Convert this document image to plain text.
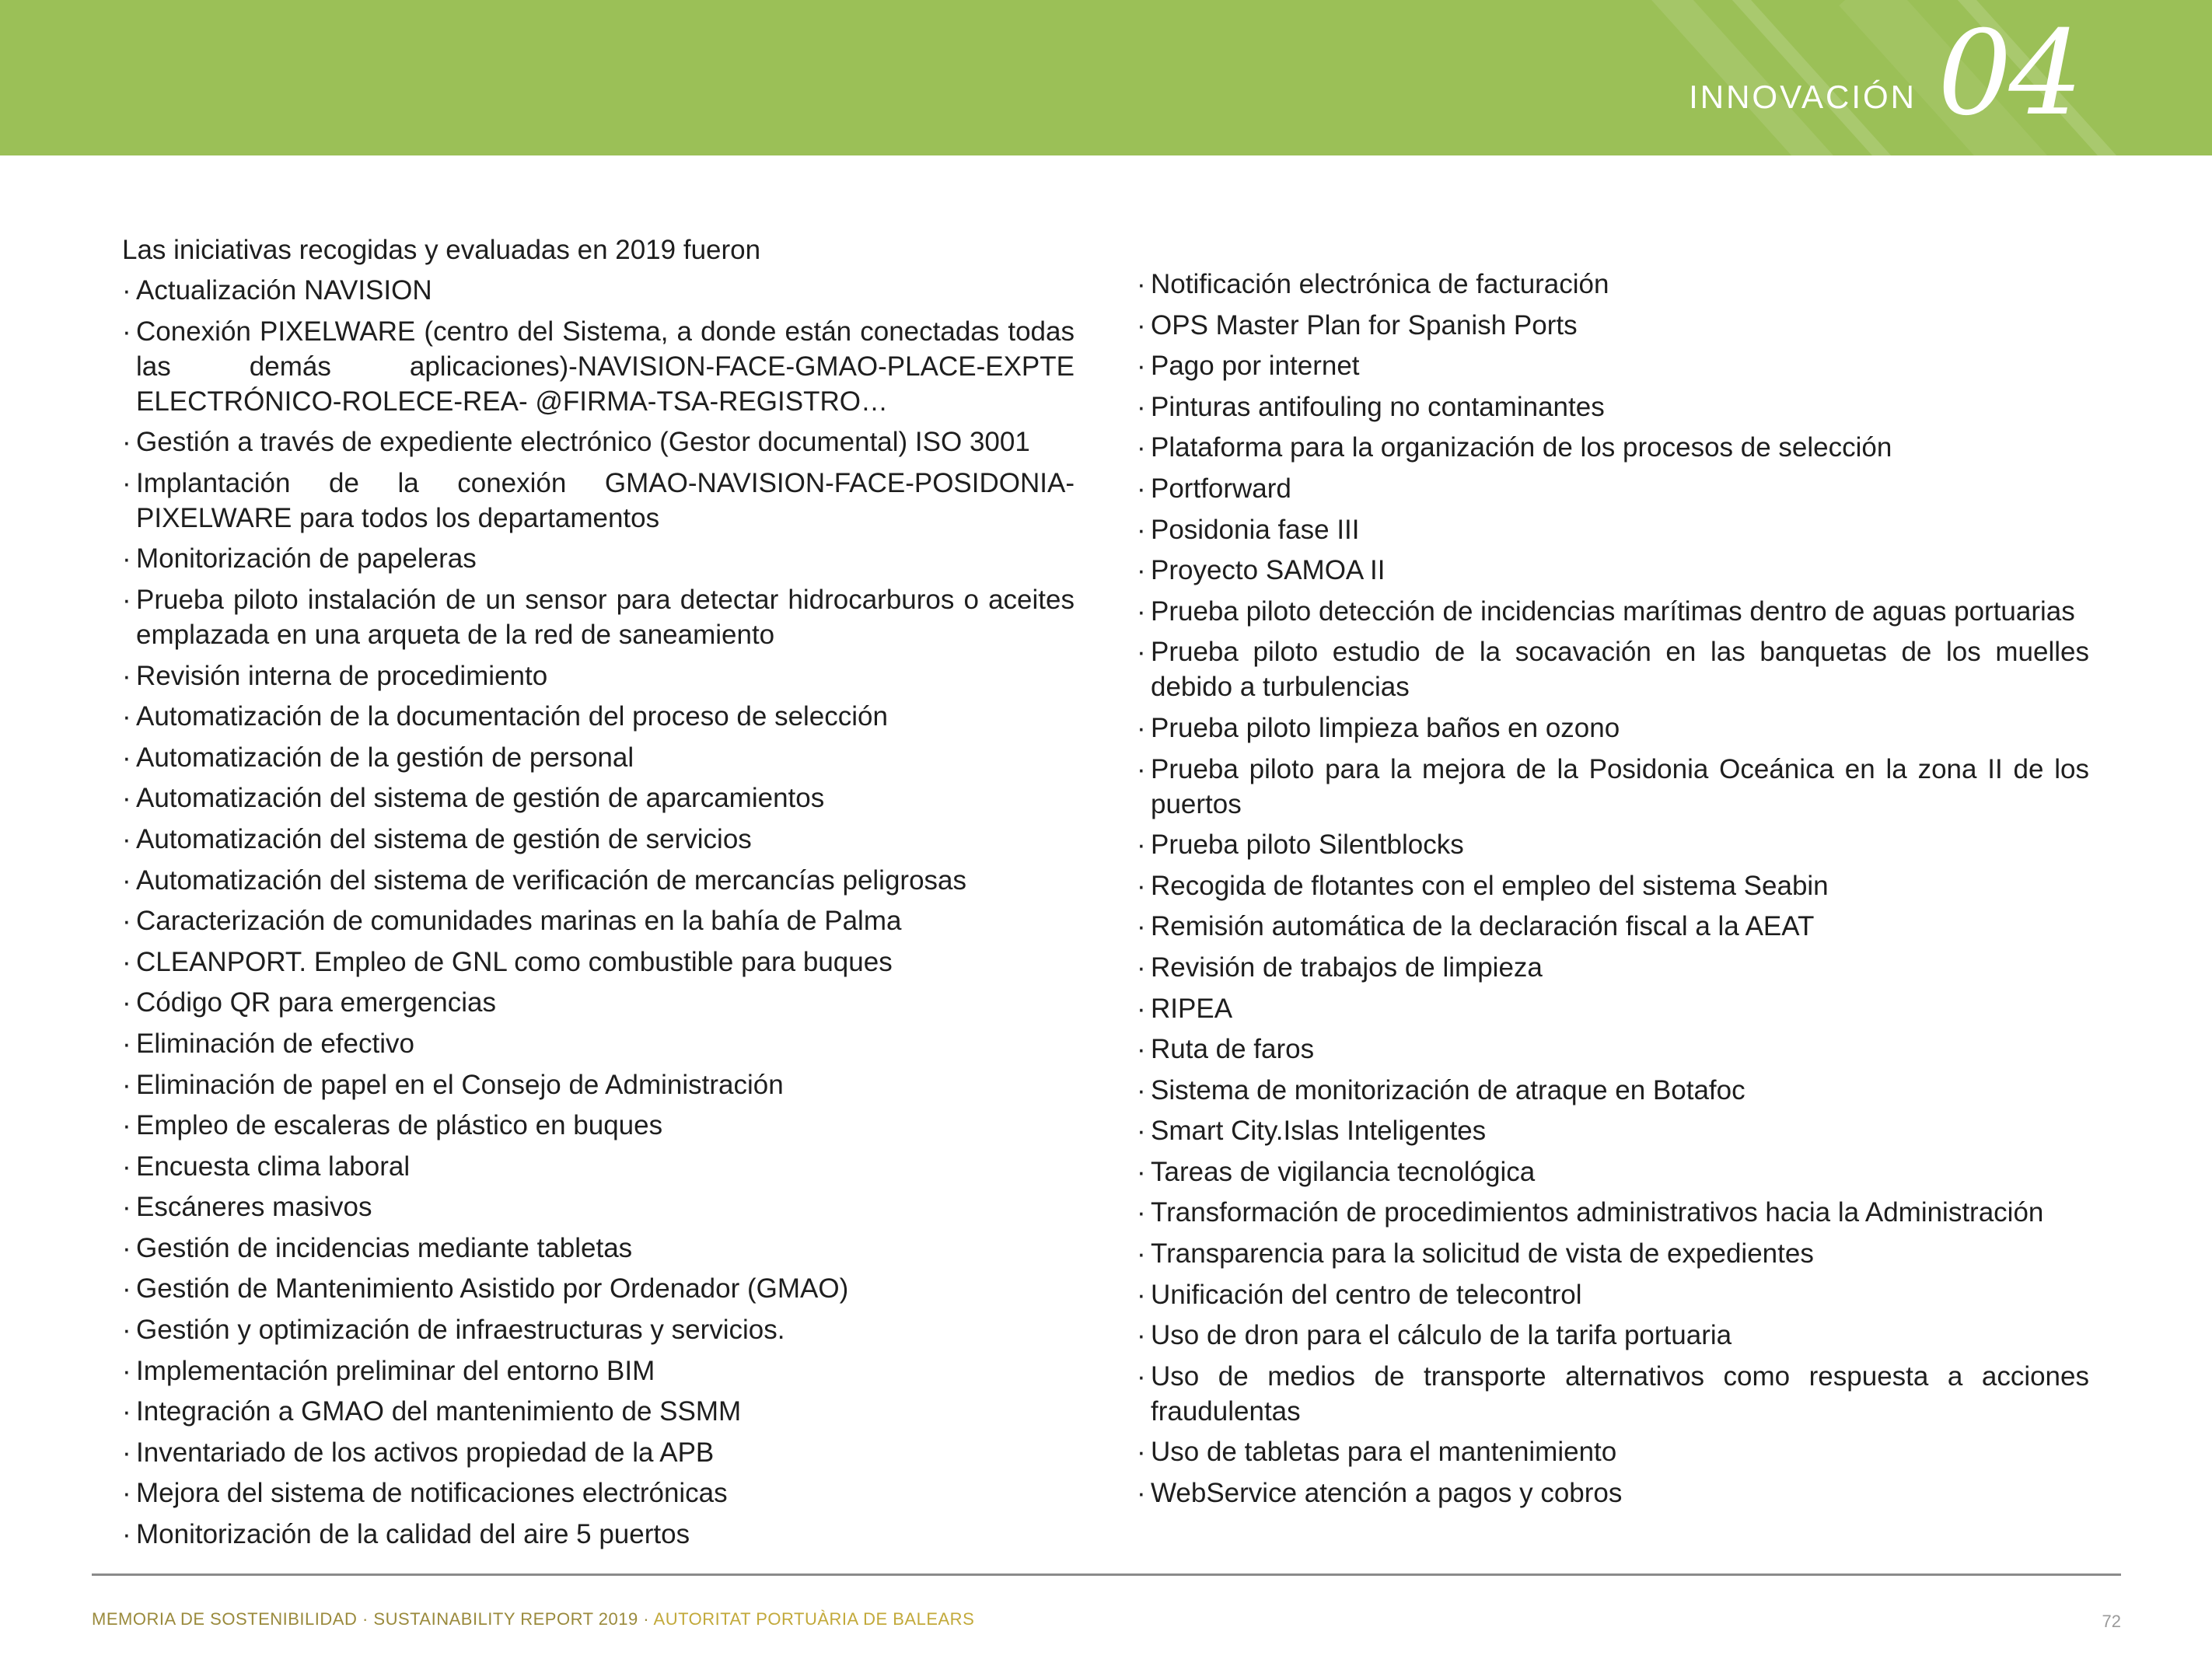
INNOVACIÓN 04
Las iniciativas recogidas y evaluadas en 2019 fueron
· Actualización NAVISION
· Conexión PIXELWARE (centro del Sistema, a donde están conectadas todas las demás aplicaciones)-NAVISION-FACE-GMAO-PLACE-EXPTE ELECTRÓNICO-ROLECE-REA- @FIRMA-TSA-REGISTRO…
· Gestión a través de expediente electrónico (Gestor documental) ISO 3001
· Implantación de la conexión GMAO-NAVISION-FACE-POSIDONIA-PIXELWARE para todos los departamentos
· Monitorización de papeleras
· Prueba piloto instalación de un sensor para detectar hidrocarburos o aceites emplazada en una arqueta de la red de saneamiento
· Revisión interna de procedimiento
· Automatización de la documentación del proceso de selección
· Automatización de la gestión de personal
· Automatización del sistema de gestión de aparcamientos
· Automatización del sistema de gestión de servicios
· Automatización del sistema de verificación de mercancías peligrosas
· Caracterización de comunidades marinas en la bahía de Palma
· CLEANPORT. Empleo de GNL como combustible para buques
· Código QR para emergencias
· Eliminación de efectivo
· Eliminación de papel en el Consejo de Administración
· Empleo de escaleras de plástico en buques
· Encuesta clima laboral
· Escáneres masivos
· Gestión de incidencias mediante tabletas
· Gestión de Mantenimiento Asistido por Ordenador (GMAO)
· Gestión y optimización de infraestructuras y servicios.
· Implementación preliminar del entorno BIM
· Integración a GMAO del mantenimiento de SSMM
· Inventariado de los activos propiedad de la APB
· Mejora del sistema de notificaciones electrónicas
· Monitorización de la calidad del aire 5 puertos
· Notificación electrónica de facturación
· OPS Master Plan for Spanish Ports
· Pago por internet
· Pinturas antifouling no contaminantes
· Plataforma para la organización de los procesos de selección
· Portforward
· Posidonia fase III
· Proyecto SAMOA II
· Prueba piloto detección de incidencias marítimas dentro de aguas portuarias
· Prueba piloto estudio de la socavación en las banquetas de los muelles debido a turbulencias
· Prueba piloto limpieza baños en ozono
· Prueba piloto para la mejora de la Posidonia Oceánica en la zona II de los puertos
· Prueba piloto Silentblocks
· Recogida de flotantes con el empleo del sistema Seabin
· Remisión automática de la declaración fiscal a la AEAT
· Revisión de trabajos de limpieza
· RIPEA
· Ruta de faros
· Sistema de monitorización de atraque en Botafoc
· Smart City.Islas Inteligentes
· Tareas de vigilancia tecnológica
· Transformación de procedimientos administrativos hacia la Administración
· Transparencia para la solicitud de vista de expedientes
· Unificación del centro de telecontrol
· Uso de dron para el cálculo de la tarifa portuaria
· Uso de medios de transporte alternativos como respuesta a acciones fraudulentas
· Uso de tabletas para el mantenimiento
· WebService atención a pagos y cobros
MEMORIA DE SOSTENIBILIDAD · SUSTAINABILITY REPORT 2019 · AUTORITAT PORTUÀRIA DE BALEARS	72
